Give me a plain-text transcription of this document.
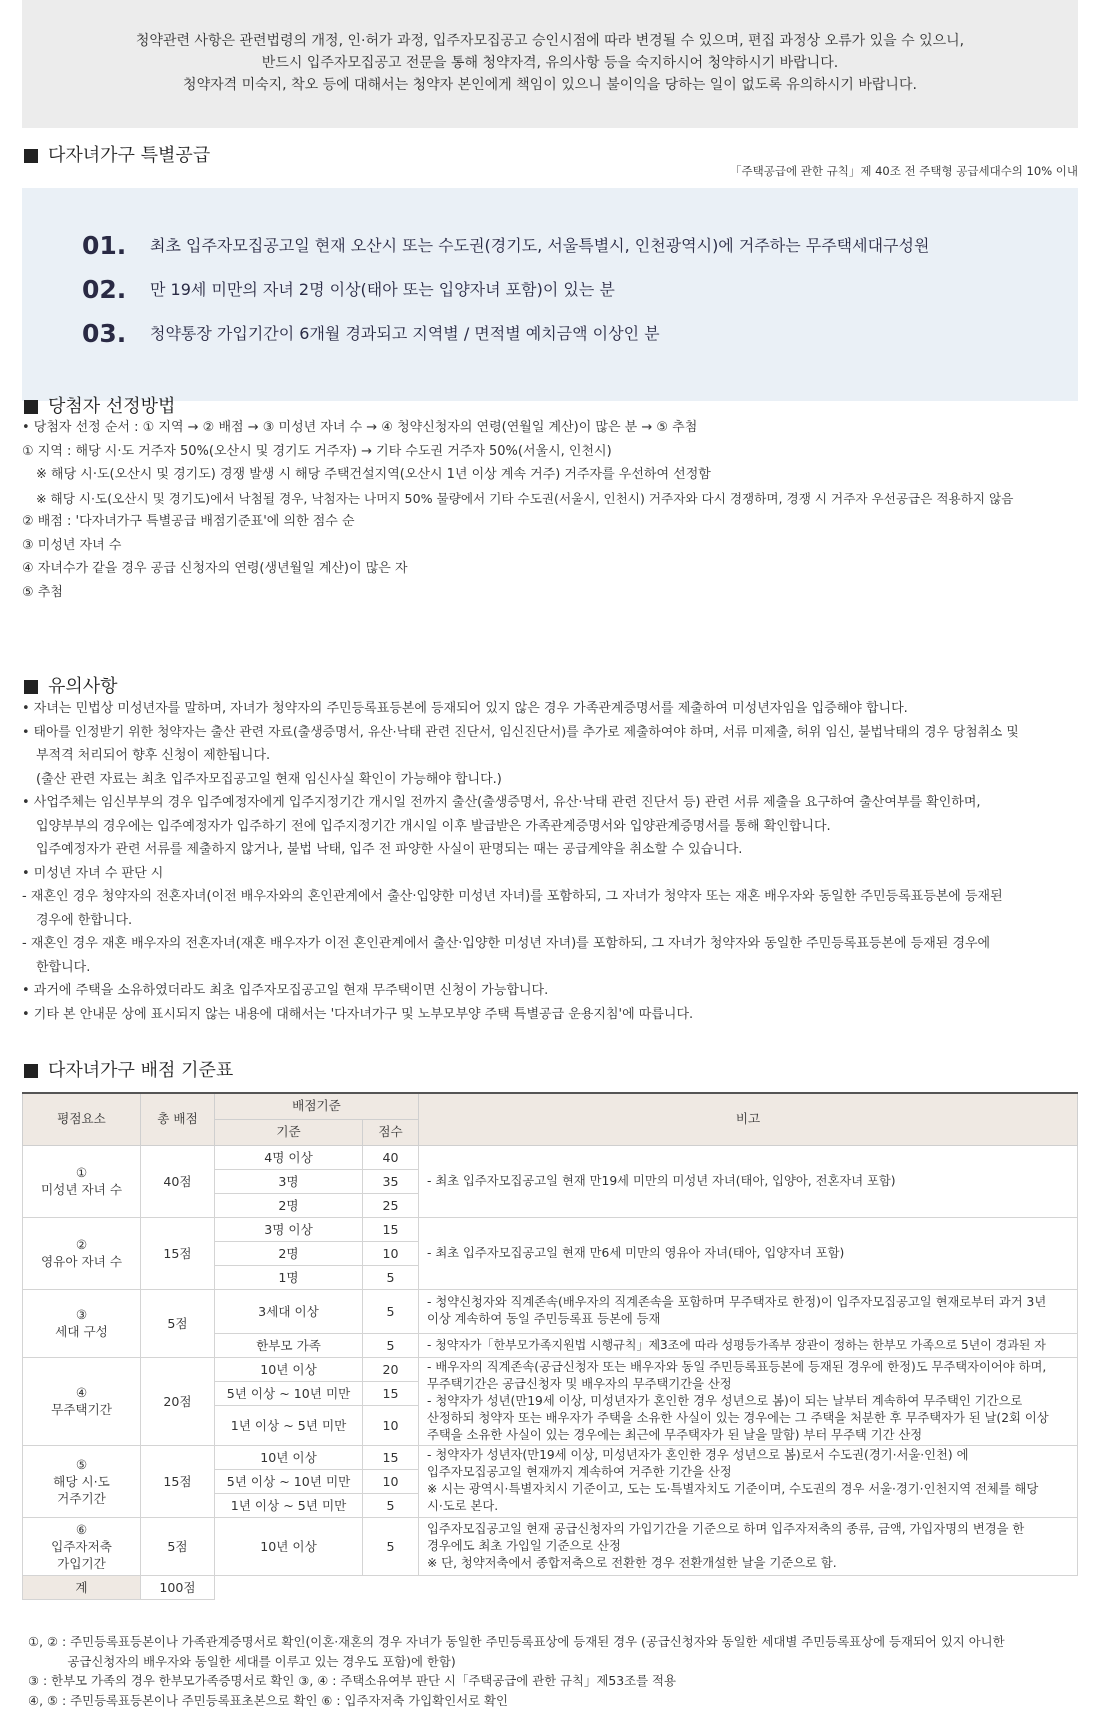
청약관련 사항은 관련법령의 개정, 인·허가 과정, 입주자모집공고 승인시점에 따라 변경될 수 있으며, 편집 과정상 오류가 있을 수 있으니,
반드시 입주자모집공고 전문을 통해 청약자격, 유의사항 등을 숙지하시어 청약하시기 바랍니다.
청약자격 미숙지, 착오 등에 대해서는 청약자 본인에게 책임이 있으니 불이익을 당하는 일이 없도록 유의하시기 바랍니다.
다자녀가구 특별공급
「주택공급에 관한 규칙」제 40조 전 주택형 공급세대수의 10% 이내
01.	최초 입주자모집공고일 현재 오산시 또는 수도권(경기도, 서울특별시, 인천광역시)에 거주하는 무주택세대구성원
02.	만 19세 미만의 자녀 2명 이상(태아 또는 입양자녀 포함)이 있는 분
03.	청약통장 가입기간이 6개월 경과되고 지역별 / 면적별 예치금액 이상인 분
당첨자 선정방법
• 당첨자 선정 순서 : ① 지역 → ② 배점 → ③ 미성년 자녀 수 → ④ 청약신청자의 연령(연월일 계산)이 많은 분 → ⑤ 추첨
① 지역 : 해당 시·도 거주자 50%(오산시 및 경기도 거주자) → 기타 수도권 거주자 50%(서울시, 인천시)
※ 해당 시·도(오산시 및 경기도) 경쟁 발생 시 해당 주택건설지역(오산시 1년 이상 계속 거주) 거주자를 우선하여 선정함
※ 해당 시·도(오산시 및 경기도)에서 낙첨될 경우, 낙첨자는 나머지 50% 물량에서 기타 수도권(서울시, 인천시) 거주자와 다시 경쟁하며, 경쟁 시 거주자 우선공급은 적용하지 않음
② 배점 : '다자녀가구 특별공급 배점기준표'에 의한 점수 순
③ 미성년 자녀 수
④ 자녀수가 같을 경우 공급 신청자의 연령(생년월일 계산)이 많은 자
⑤ 추첨
유의사항
• 자녀는 민법상 미성년자를 말하며, 자녀가 청약자의 주민등록표등본에 등재되어 있지 않은 경우 가족관계증명서를 제출하여 미성년자임을 입증해야 합니다.
• 태아를 인정받기 위한 청약자는 출산 관련 자료(출생증명서, 유산·낙태 관련 진단서, 임신진단서)를 추가로 제출하여야 하며, 서류 미제출, 허위 임신, 불법낙태의 경우 당첨취소 및
부적격 처리되어 향후 신청이 제한됩니다.
(출산 관련 자료는 최초 입주자모집공고일 현재 임신사실 확인이 가능해야 합니다.)
• 사업주체는 임신부부의 경우 입주예정자에게 입주지정기간 개시일 전까지 출산(출생증명서, 유산·낙태 관련 진단서 등) 관련 서류 제출을 요구하여 출산여부를 확인하며,
입양부부의 경우에는 입주예정자가 입주하기 전에 입주지정기간 개시일 이후 발급받은 가족관계증명서와 입양관계증명서를 통해 확인합니다.
입주예정자가 관련 서류를 제출하지 않거나, 불법 낙태, 입주 전 파양한 사실이 판명되는 때는 공급계약을 취소할 수 있습니다.
• 미성년 자녀 수 판단 시
- 재혼인 경우 청약자의 전혼자녀(이전 배우자와의 혼인관계에서 출산·입양한 미성년 자녀)를 포함하되, 그 자녀가 청약자 또는 재혼 배우자와 동일한 주민등록표등본에 등재된
경우에 한합니다.
- 재혼인 경우 재혼 배우자의 전혼자녀(재혼 배우자가 이전 혼인관계에서 출산·입양한 미성년 자녀)를 포함하되, 그 자녀가 청약자와 동일한 주민등록표등본에 등재된 경우에
한합니다.
• 과거에 주택을 소유하였더라도 최초 입주자모집공고일 현재 무주택이면 신청이 가능합니다.
• 기타 본 안내문 상에 표시되지 않는 내용에 대해서는 '다자녀가구 및 노부모부양 주택 특별공급 운용지침'에 따릅니다.
다자녀가구 배점 기준표
평점요소	총 배점	배점기준		비고
		기준	점수	
①
미성년 자녀 수	40점	4명 이상	40	- 최초 입주자모집공고일 현재 만19세 미만의 미성년 자녀(태아, 입양아, 전혼자녀 포함)
		3명	35	
		2명	25	
②
영유아 자녀 수	15점	3명 이상	15	- 최초 입주자모집공고일 현재 만6세 미만의 영유아 자녀(태아, 입양자녀 포함)
		2명	10	
		1명	5	
③
세대 구성	5점	3세대 이상	5	- 청약신청자와 직계존속(배우자의 직계존속을 포함하며 무주택자로 한정)이 입주자모집공고일 현재로부터 과거 3년
이상 계속하여 동일 주민등록표 등본에 등재
		한부모 가족	5	- 청약자가「한부모가족지원법 시행규칙」제3조에 따라 성평등가족부 장관이 정하는 한부모 가족으로 5년이 경과된 자
④
무주택기간	20점	10년 이상	20	- 배우자의 직계존속(공급신청자 또는 배우자와 동일 주민등록표등본에 등재된 경우에 한정)도 무주택자이어야 하며,
무주택기간은 공급신청자 및 배우자의 무주택기간을 산정
- 청약자가 성년(만19세 이상, 미성년자가 혼인한 경우 성년으로 봄)이 되는 날부터 계속하여 무주택인 기간으로
산정하되 청약자 또는 배우자가 주택을 소유한 사실이 있는 경우에는 그 주택을 처분한 후 무주택자가 된 날(2회 이상
주택을 소유한 사실이 있는 경우에는 최근에 무주택자가 된 날을 말함) 부터 무주택 기간 산정
		5년 이상 ~ 10년 미만	15	
		1년 이상 ~ 5년 미만	10	
⑤
해당 시·도
거주기간	15점	10년 이상	15	- 청약자가 성년자(만19세 이상, 미성년자가 혼인한 경우 성년으로 봄)로서 수도권(경기·서울·인천) 에
입주자모집공고일 현재까지 계속하여 거주한 기간을 산정
※ 시는 광역시·특별자치시 기준이고, 도는 도·특별자치도 기준이며, 수도권의 경우 서울·경기·인천지역 전체를 해당
시·도로 본다.
		5년 이상 ~ 10년 미만	10	
		1년 이상 ~ 5년 미만	5	
⑥
입주자저축
가입기간	5점	10년 이상	5	입주자모집공고일 현재 공급신청자의 가입기간을 기준으로 하며 입주자저축의 종류, 금액, 가입자명의 변경을 한
경우에도 최초 가입일 기준으로 산정
※ 단, 청약저축에서 종합저축으로 전환한 경우 전환개설한 날을 기준으로 함.
계	100점			
①, ② : 주민등록표등본이나 가족관계증명서로 확인(이혼·재혼의 경우 자녀가 동일한 주민등록표상에 등재된 경우 (공급신청자와 동일한 세대별 주민등록표상에 등재되어 있지 아니한
공급신청자의 배우자와 동일한 세대를 이루고 있는 경우도 포함)에 한함)
③ : 한부모 가족의 경우 한부모가족증명서로 확인 ③, ④ : 주택소유여부 판단 시「주택공급에 관한 규칙」제53조를 적용
④, ⑤ : 주민등록표등본이나 주민등록표초본으로 확인 ⑥ : 입주자저축 가입확인서로 확인
